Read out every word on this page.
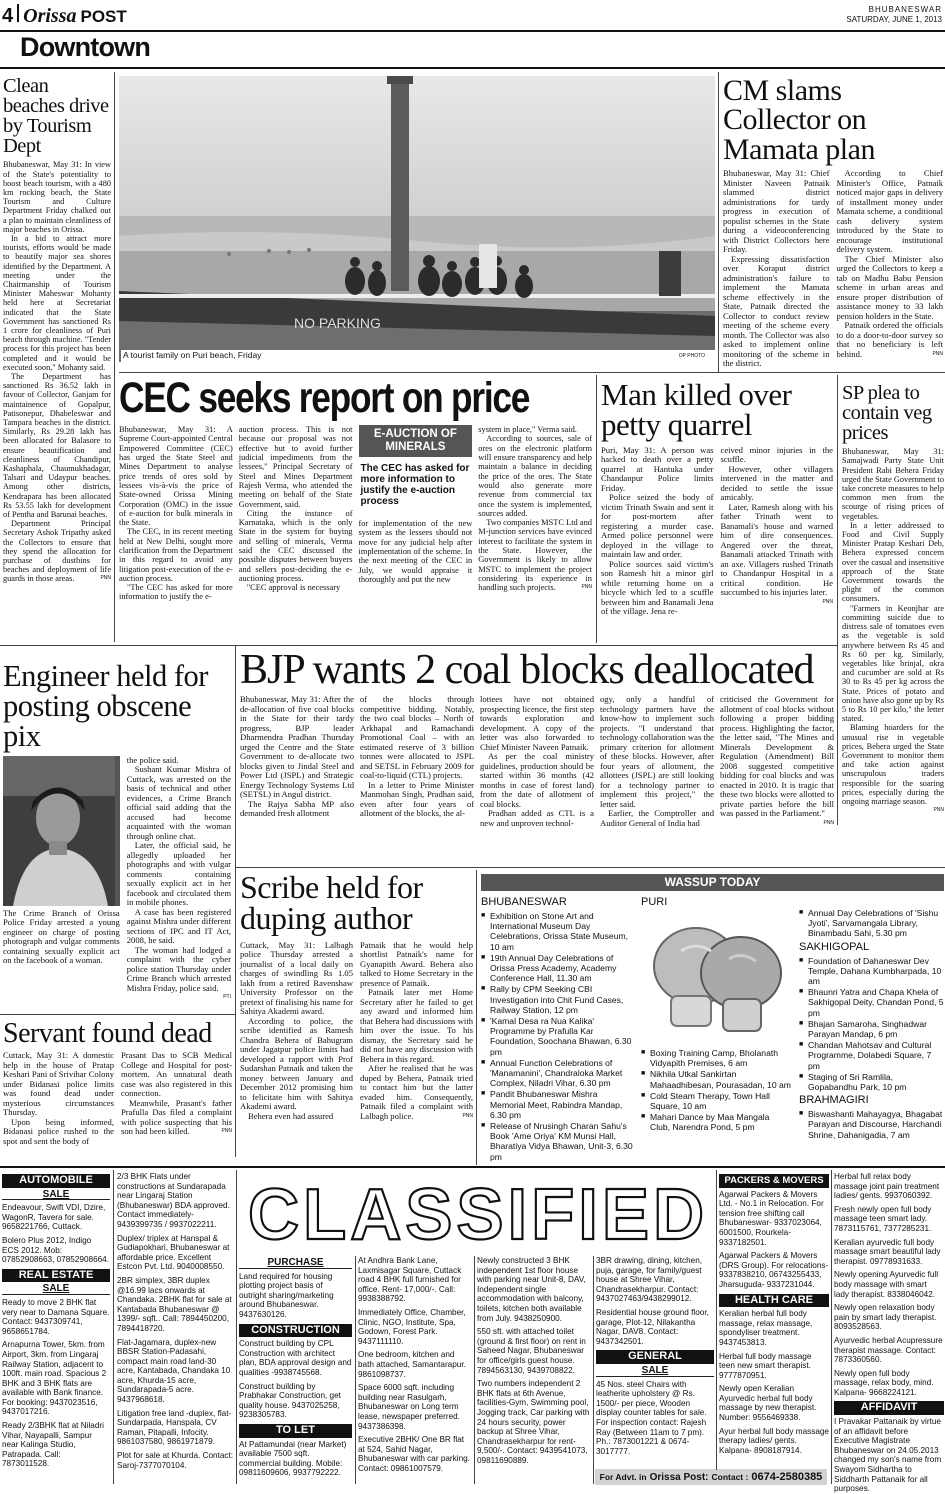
4 Orissa POST	BHUBANESWAR
SATURDAY, JUNE 1, 2013
Downtown
Clean beaches drive by Tourism Dept

Bhubaneswar, May 31: In view of the State's potentiality to boost beach tourism, with a 480 km rocking beach, the State Tourism and Culture Department Friday chalked out a plan to maintain cleanliness of major beaches in Orissa.

In a bid to attract more tourists, efforts would be made to beautify major sea shores identified by the Department. A meeting under the Chairmanship of Tourism Minister Maheswar Mohanty held here at Secretariat indicated that the State Government has sanctioned Rs 1 crore for cleanliness of Puri beach through machine. "Tender process for this project has been completed and it would be executed soon," Mohanty said.

The Department has sanctioned Rs 36.52 lakh in favour of Collector, Ganjam for maintainence of Gopalpur, Patisonepur, Dhabeleswar and Tampara beaches in the district. Similarly, Rs 29.28 lakh has been allocated for Balasore to ensure beautification and cleanliness of Chandipur, Kashaphala, Chaumukhadagar, Talsari and Udaypur beaches. Among other districts, Kendrapara has been allocated Rs 53.55 lakh for development of Pentha and Barunai beaches.

Department Principal Secretary Ashok Tripathy asked the Collectors to ensure that they spend the allocation for purchase of dustbins for beaches and deployment of life guards in those areas.	PNN

NO PARKING
A tourist family on Puri beach, Friday	OP PHOTO
CM slams Collector on Mamata plan

Bhubaneswar, May 31: Chief Minister Naveen Patnaik slammed district administrations for tardy progress in execution of populist schemes in the State during a videoconferencing with District Collectors here Friday.

Expressing dissatisfaction over Koraput district administration's failure to implement the Mamata scheme effectively in the State, Patnaik directed the Collector to conduct review meeting of the scheme every month. The Collector was also asked to implement online monitoring of the scheme in the district.

According to Chief Minister's Office, Patnaik noticed major gaps in delivery of installment money under Mamata scheme, a conditional cash delivery system introduced by the State to encourage institutional delivery system.

The Chief Minister also urged the Collectors to keep a tab on Madhu Babu Pension scheme in urban areas and ensure proper distribution of assistance money to 33 lakh pension holders in the State.

Patnaik ordered the officials to do a door-to-door survey so that no beneficiary is left behind.	PNN

CEC seeks report on price

Bhubaneswar, May 31: A Supreme Court-appointed Central Empowered Committee (CEC) has urged the State Steel and Mines Department to analyse price trends of ores sold by lessees vis-à-vis the price of State-owned Orissa Mining Corporation (OMC) in the issue of e-auction for bulk minerals in the State.

The CEC, in its recent meeting held at New Delhi, sought more clarification from the Department in this regard to avoid any litigation post-execution of the e-auction process.

"The CEC has asked for more information to justify the e-

auction process. This is not because our proposal was not effective but to avoid further judicial impediments from the lessees," Principal Secretary of Steel and Mines Department Rajesh Verma, who attended the meeting on behalf of the State Government, said.

Citing the instance of Karnataka, which is the only State in the system for buying and selling of minerals, Verma said the CEC discussed the possible disputes between buyers and sellers post-deciding the e-auctioning process.

"CEC approval is necessary

E-AUCTION OF MINERALS
The CEC has asked for more information to justify the e-auction process

for implementation of the new system as the lessees should not move for any judicial help after implementation of the scheme. In the next meeting of the CEC in July, we would appraise it thoroughly and put the new

system in place," Verma said.

According to sources, sale of ores on the electronic platform will ensure transparency and help maintain a balance in deciding the price of the ores. The State would also generate more revenue from commercial tax once the system is implemented, sources added.

Two companies MSTC Ltd and M-junction services have evinced interest to facilitate the system in the State. However, the Government is likely to allow MSTC to implement the project considering its experience in handling such projects.	PNN

Man killed over petty quarrel

Puri, May 31: A person was hacked to death over a petty quarrel at Hantuka under Chandanpur Police limits Friday.

Police seized the body of victim Trinath Swain and sent it for post-mortem after registering a murder case. Armed police personnel were deployed in the village to maintain law and order.

Police sources said victim's son Ramesh hit a minor girl while returning home on a bicycle which led to a scuffle between him and Banamali Jena of the village. Jena re-

ceived minor injuries in the scuffle.

However, other villagers intervened in the matter and decided to settle the issue amicably.

Later, Ramesh along with his father Trinath went to Banamali's house and warned him of dire consequences. Angered over the threat, Banamali attacked Trinath with an axe. Villagers rushed Trinath to Chandanpur Hospital in a critical condition. He succumbed to his injuries later.
PNN

SP plea to contain veg prices

Bhubaneswar, May 31: Samajwadi Party State Unit President Rabi Behera Friday urged the State Government to take concrete measures to help common men from the scourge of rising prices of vegetables.

In a letter addressed to Food and Civil Supply Minister Pratap Keshari Deb, Behera expressed concern over the casual and insensitive approach of the State Government towards the plight of the common consumers.

"Farmers in Keonjhar are committing suicide due to distress sale of tomatoes even as the vegetable is sold anywhere between Rs 45 and Rs 60 per kg. Similarly, vegetables like brinjal, okra and cucumber are sold at Rs 30 to Rs 45 per kg across the State. Prices of potato and onion have also gone up by Rs 5 to Rs 10 per kilo," the letter stated.

Blaming hoarders for the unusual rise in vegetable prices, Behera urged the State Government to monitor them and take action against unscrupulous traders responsible for the soaring prices, especially during the ongoing marriage season.
PNN

Engineer held for posting obscene pix

The Crime Branch of Orissa Police Friday arrested a young engineer on charge of posting photograph and vulgar comments containing sexually explicit act on the facebook of a woman.

the police said.

Sushant Kumar Mishra of Cuttack, was arrested on the basis of technical and other evidences, a Crime Branch official said adding that the accused had become acquainted with the woman through online chat.

Later, the official said, he allegedly uploaded her photographs and with vulgar comments containing sexually explicit act in her facebook and circulated them in mobile phones.

A case has been registered against Mishra under different sections of IPC and IT Act, 2008, he said.

The woman had lodged a complaint with the cyber police station Thursday under Crime Branch which arrested Mishra Friday, police said.
PTI

BJP wants 2 coal blocks deallocated

Bhubaneswar, May 31: After the de-allocation of five coal blocks in the State for their tardy progress, BJP leader Dharmendra Pradhan Thursday urged the Centre and the State Government to de-allocate two blocks given to Jindal Steel and Power Ltd (JSPL) and Strategic Energy Technology Systems Ltd (SETSL) in Angul district.

The Rajya Sabha MP also demanded fresh allotment

of the blocks through competitive bidding. Notably, the two coal blocks – North of Arkhapal and Ramachandi Promotional Coal – with an estimated reserve of 3 billion tonnes were allocated to JSPL and SETSL in February 2009 for coal-to-liquid (CTL) projects.

In a letter to Prime Minister Manmohan Singh, Pradhan said, even after four years of allotment of the blocks, the al-

lottees have not obtained prospecting licence, the first step towards exploration and development. A copy of the letter was also forwarded to Chief Minister Naveen Patnaik.

As per the coal ministry guidelines, production should be started within 36 months (42 months in case of forest land) from the date of allotment of coal blocks.

Pradhan added as CTL is a new and unproven technol-

ogy, only a handful of technology partners have the know-how to implement such projects. "I understand that technology collaboration was the primary criterion for allotment of these blocks. However, after four years of allotment, the allottees (JSPL) are still looking for a technology partner to implement this project," the letter said.

Earlier, the Comptroller and Auditor General of India had

criticised the Government for allotment of coal blocks without following a proper bidding process. Highlighting the factor, the letter said, "The Mines and Minerals Development & Regulation (Amendment) Bill 2008 suggested competitive bidding for coal blocks and was enacted in 2010. It is tragic that these two blocks were allotted to private parties before the bill was passed in the Parliament."
PNN

Scribe held for duping author

Cuttack, May 31: Lalbagh police Thursday arrested a journalist of a local daily on charges of swindling Rs 1.05 lakh from a retired Ravenshaw University Professor on the pretext of finalising his name for Sahitya Akademi award.

According to police, the scribe identified as Ramesh Chandra Behera of Bahugram under Jagatpur police limits had developed a rapport with Prof Sudarshan Patnaik and taken the money between January and December 2012 promising him to felicitate him with Sahitya Akademi award.

Behera even had assured

Patnaik that he would help shortlist Patnaik's name for Gyanapith Award. Behera also talked to Home Secretary in the presence of Patnaik.

Patnaik later met Home Secretary after he failed to get any award and informed him that Behera had discussions with him over the issue. To his dismay, the Secretary said he did not have any discussion with Behera in this regard.

After he realised that he was duped by Behera, Patnaik tried to contact him but the latter evaded him. Consequently, Patnaik filed a complaint with Lalbagh police.	PNN

Servant found dead

Cuttack, May 31: A domestic help in the house of Pratap Keshari Pani of Srivihar Colony under Bidanasi police limits was found dead under mysterious circumstances Thursday.

Upon being informed, Bidanasi police rushed to the spot and sent the body of

Prasant Das to SCB Medical College and Hospital for post-mortem. An unnatural death case was also registered in this connection.

Meanwhile, Prasant's father Prafulla Das filed a complaint with police suspecting that his son had been killed.	PNN

WASSUP TODAY
BHUBANESWAR
■ Exhibition on Stone Art and International Museum Day Celebrations, Orissa State Museum, 10 am
■ 19th Annual Day Celebrations of Orissa Press Academy, Academy Conference Hall, 11.30 am
■ Rally by CPM Seeking CBI Investigation into Chit Fund Cases, Railway Station, 12 pm
■ 'Kamal Desa ra Nua Kalika' Programme by Prafulla Kar Foundation, Soochana Bhawan, 6.30 pm
■ Annual Function Celebrations of 'Manamanini', Chandraloka Market Complex, Niladri Vihar, 6.30 pm
■ Pandit Bhubaneswar Mishra Memorial Meet, Rabindra Mandap, 6.30 pm
■ Release of Nrusingh Charan Sahu's Book 'Ame Oriya' KM Munsi Hall, Bharatiya Vidya Bhawan, Unit-3, 6.30 pm
PURI
■ Boxing Training Camp, Bholanath Vidyapith Premises, 6 am
■ Nikhila Utkal Sankirtan Mahaadhibesan, Pourasadan, 10 am
■ Cold Steam Therapy, Town Hall Square, 10 am
■ Mahari Dance by Maa Mangala Club, Narendra Pond, 5 pm
■ Annual Day Celebrations of 'Sishu Jyoti', Sarvamangala Library, Binambadu Sahi, 5.30 pm
SAKHIGOPAL
■ Foundation of Dahaneswar Dev Temple, Dahana Kumbharpada, 10 am
■ Bhaunri Yatra and Chapa Khela of Sakhigopal Deity, Chandan Pond, 5 pm
■ Bhajan Samaroha, Singhadwar Parayan Mandap, 6 pm
■ Chandan Mahotsav and Cultural Programme, Dolabedi Square, 7 pm
■ Staging of Sri Ramlila, Gopabandhu Park, 10 pm
BRAHMAGIRI
■ Biswashanti Mahayagya, Bhagabat Parayan and Discourse, Harchandi Shrine, Dahanigadia, 7 am
AUTOMOBILE
SALE

Endeavour, Swift VDI, Dzire, WagonR, Tavera for sale. 9658221766, Cuttack.

Bolero Plus 2012, Indigo ECS 2012. Mob: 07852908663, 07852908664.

REAL ESTATE
SALE

Ready to move 2 BHK flat very near to Damana Square. Contact: 9437309741, 9658651784.

Arnapurna Tower, 5km. from Airport, 3km. from Lingaraj Railway Station, adjacent to 100ft. main road. Spacious 2 BHK and 3 BHK flats are available with Bank finance. For booking: 9437023516, 9437017216.

Ready 2/3BHK flat at Niladri Vihar, Nayapalli, Sampur near Kalinga Studio, Patrapada. Call: 7873011528.

2/3 BHK Flats under constructions at Sundarapada near Lingaraj Station (Bhubaneswar) BDA approved. Contact immediately-9439399735 / 9937022211.

Duplex/ triplex at Hanspal & Gudiapokhari, Bhubaneswar at affordable price. Excellent Estcon Pvt. Ltd. 9040008550.

2BR simplex, 3BR duplex @16.99 lacs onwards at Chandaka. 2BHK flat for sale at Kantabada Bhubaneswar @ 1399/- sqft.. Call: 7894450200, 7894418720.

Flat-Jagamara, duplex-new BBSR Station-Padasahi, compact main road land-30 acre, Kantabada, Chandaka 10 acre, Khurda-15 acre, Sundarapada-5 acre. 9437968618.

Litigation free land -duplex, flat-Sundarpada, Hanspala, CV Raman, Pitapalli, Infocity. 9861037580, 9861971879.

Plot for sale at Khurda. Contact: Saroj-7377070104.

CLASSIFIED
PURCHASE

Land required for housing plotting project basis of outright sharing/marketing around Bhubaneswar. 9437630126.

CONSTRUCTION

Construct building by CPL Construction with architect plan, BDA approval design and qualities -9938745568.

Construct building by Prabhakar Construction, get quality house. 9437025258, 9238305783.

TO LET

At Pattamundai (near Market) available 7500 sqft. commercial building. Mobile: 09811609606, 9937792222.

At Andhra Bank Lane, Laxmisagar Square, Cuttack road 4 BHK full furnished for office. Rent- 17,000/-. Call: 9938388792.

Immediately Office, Chamber, Clinic, NGO, Institute, Spa, Godown, Forest Park. 9437111110.

One bedroom, kitchen and bath attached, Samantarapur. 9861098737.

Space 6000 sqft. including building near Rasulgarh, Bhubaneswar on Long term lease, newspaper preferred. 9437386398.

Executive 2BHK/ One BR flat at 524, Sahid Nagar, Bhubaneswar with car parking. Contact: 09861007579.

Newly constructed 3 BHK independent 1st floor house with parking near Unit-8, DAV, Independent single accommodation with balcony, toilets, kitchen both available from July. 9438250900.

550 sft. with attached toilet (ground & first floor) on rent in Saheed Nagar, Bhubaneswar for office/girls guest house. 7894563130, 9439708822.

Two numbers independent 2 BHK flats at 6th Avenue, facilities-Gym, Swimming pool, Jogging track, Car parking with 24 hours security, power backup at Shree Vihar, Chandrasekharpur for rent- 9,500/-. Contact: 9439541073, 09811690889.

3BR drawing, dining, kitchen, puja, garage, for family/guest house at Shree Vihar, Chandrasekharpur. Contact: 9437027463/9438299012.

Residential house ground floor, garage, Plot-12, Nilakantha Nagar, DAV8. Contact: 9437342501.

GENERAL
SALE

45 Nos. steel Chairs with leatherite upholstery @ Rs. 1500/- per piece, Wooden display counter tables for sale. For inspection contact: Rajesh Ray (Between 11am to 7 pm). Ph.: 7873001221 & 0674-3017777.

For Advt. in Orissa Post: Contact : 0674-2580385
PACKERS & MOVERS

Agarwal Packers & Movers Ltd. - No.1 in Relocation. For tension free shifting call Bhubaneswar- 9337023064, 6001500, Rourkela- 9337182501.

Agarwal Packers & Movers (DRS Group). For relocations- 9337838210, 06743255433, Jharsuguda- 9337231044.

HEALTH CARE

Keralian herbal full body massage, relax massage, spondyliser treatment. 9437453813.

Herbal full body massage teen new smart therapist. 9777870951.

Newly open Keralian Ayurvedic herbal full body massage by new therapist. Number: 9556469338.

Ayur herbal full body massage therapy ladies/ gents. Kalpana- 8908187914.

Herbal full relax body massage joint pain treatment ladies/ gents. 9937060392.

Fresh newly open full body massage teen smart lady. 7873115761, 7377285231.

Keralian ayurvedic full body massage smart beautiful lady therapist. 09778931633.

Newly opening Ayurvedic full body massage with smart lady therapist. 8338046042.

Newly open relaxation body pain by smart lady therapist. 8093528563.

Ayurvedic herbal Acupressure therapist massage. Contact: 7873360560.

Newly open full body massage, relax body, mind. Kalpana- 9668224121.

AFFIDAVIT

I Pravakar Pattanaik by virtue of an affidavit before Executive Magistrate Bhubaneswar on 24.05.2013 changed my son's name from Swayom Sidhartha to Siddharth Pattanaik for all purposes.
